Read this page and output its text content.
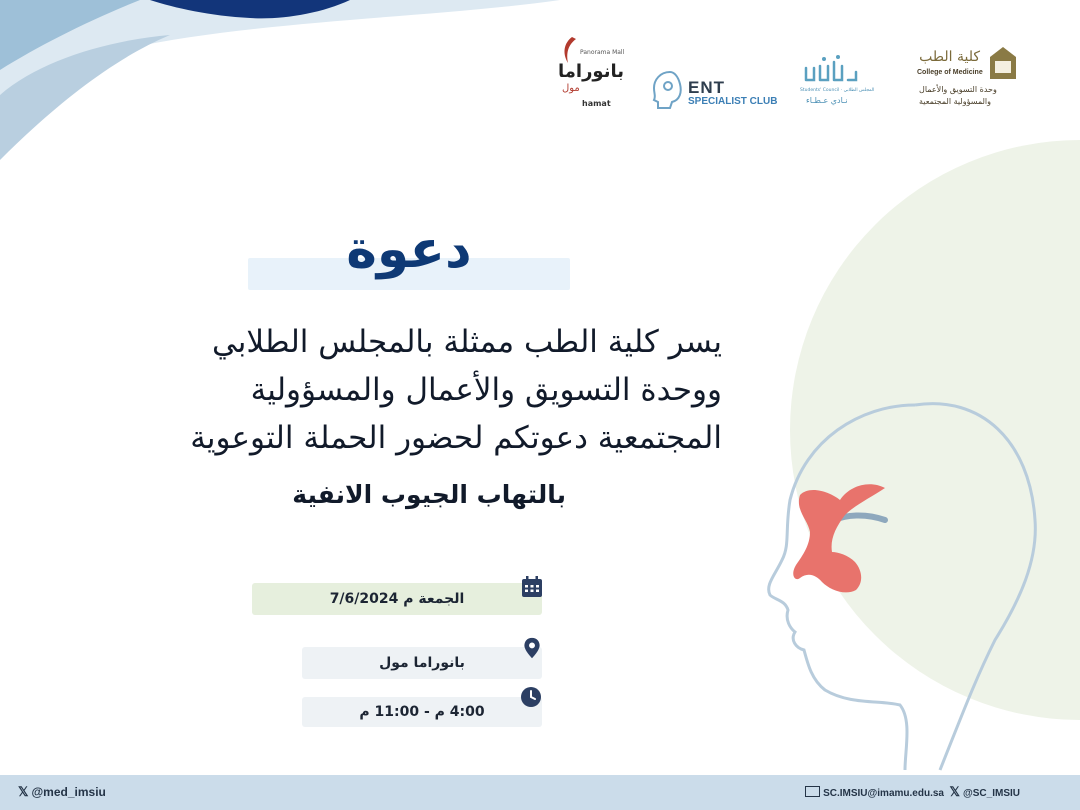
Panorama Mall
بانوراما
مول
hamat
ENT
SPECIALIST CLUB
Students' Council · المجلس الطلابي
نـادي عـطـاء
كلية الطب
College of Medicine
وحدة التسويق والأعمال
والمسؤولية المجتمعية
دعوة
يسر كلية الطب ممثلة بالمجلس الطلابي
ووحدة التسويق والأعمال والمسؤولية
المجتمعية دعوتكم لحضور الحملة التوعوية
بالتهاب الجيوب الانفية
الجمعة م 7/6/2024
بانوراما مول
4:00 م - 11:00 م
𝕏 @med_imsiu	SC.IMSIU@imamu.edu.sa 𝕏 @SC_IMSIU
